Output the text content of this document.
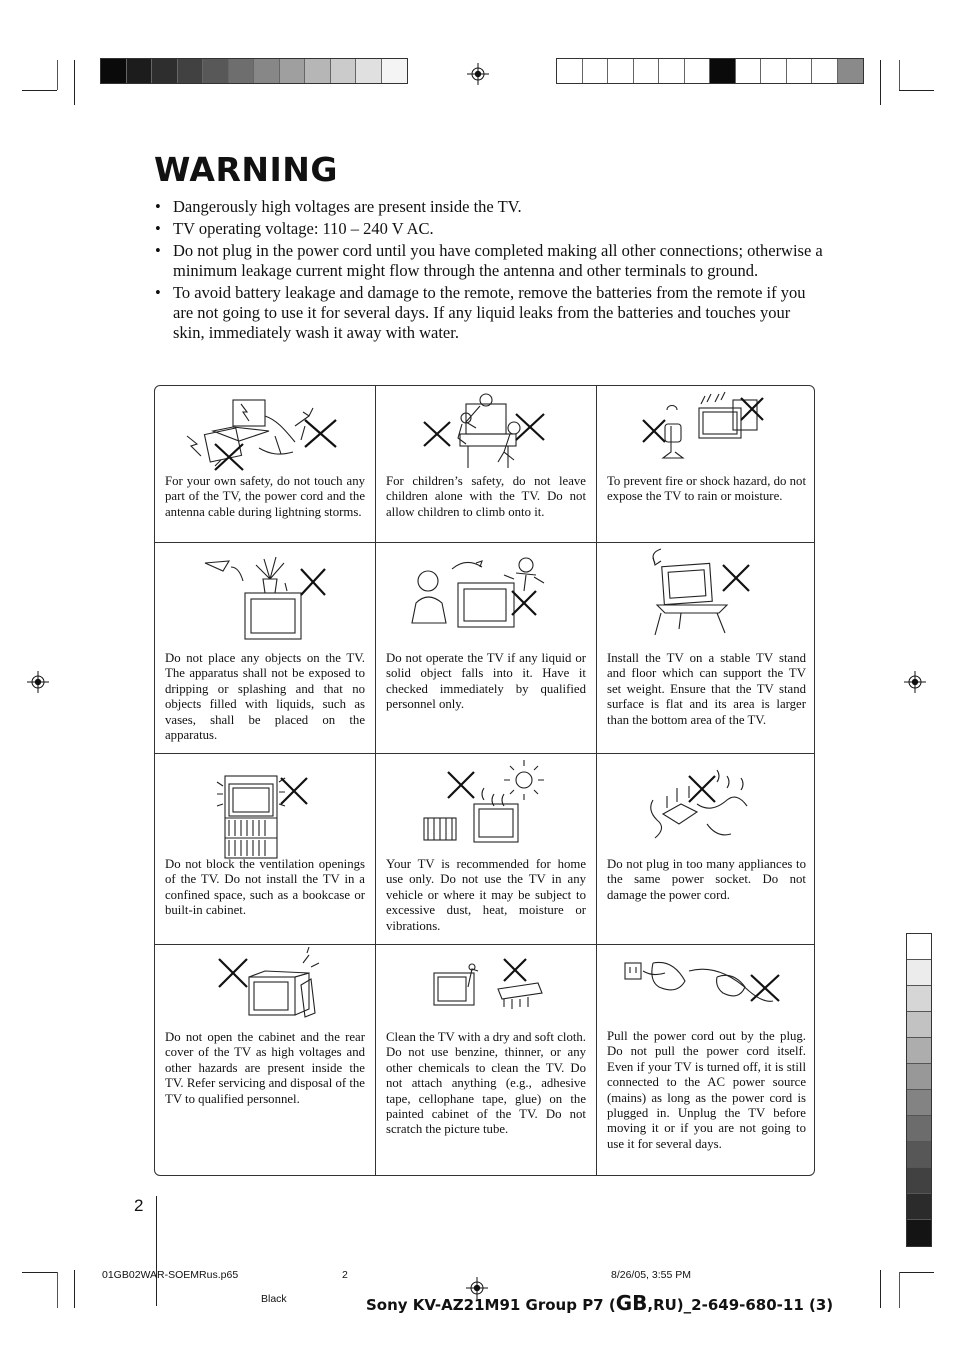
WARNING
• Dangerously high voltages are present inside the TV.
• TV operating voltage: 110 – 240 V AC.
• Do not plug in the power cord until you have completed making all other connections; otherwise a minimum leakage current might flow through the antenna and other terminals to ground.
• To avoid battery leakage and damage to the remote, remove the batteries from the remote if you are not going to use it for several days. If any liquid leaks from the batteries and touches your skin, immediately wash it away with water.
For your own safety, do not touch any part of the TV, the power cord and the antenna cable during lightning storms.
For children’s safety, do not leave children alone with the TV. Do not allow children to climb onto it.
To prevent fire or shock hazard, do not expose the TV to rain or moisture.
Do not place any objects on the TV. The apparatus shall not be exposed to dripping or splashing and that no objects filled with liquids, such as vases, shall be placed on the apparatus.
Do not operate the TV if any liquid or solid object falls into it. Have it checked immediately by qualified personnel only.
Install the TV on a stable TV stand and floor which can support the TV set weight. Ensure that the TV stand surface is flat and its area is larger than the bottom area of the TV.
Do not block the ventilation openings of the TV. Do not install the TV in a confined space, such as a bookcase or built-in cabinet.
Your TV is recommended for home use only. Do not use the TV in any vehicle or where it may be subject to excessive dust, heat, moisture or vibrations.
Do not plug in too many appliances to the same power socket. Do not damage the power cord.
Do not open the cabinet and the rear cover of the TV as high voltages and other hazards are present inside the TV. Refer servicing and disposal of the TV to qualified personnel.
Clean the TV with a dry and soft cloth. Do not use benzine, thinner, or any other chemicals to clean the TV. Do not attach anything (e.g., adhesive tape, cellophane tape, glue) on the painted cabinet of the TV. Do not scratch the picture tube.
Pull the power cord out by the plug. Do not pull the power cord itself. Even if your TV is turned off, it is still connected to the AC power source (mains) as long as the power cord is plugged in. Unplug the TV before moving it or if you are not going to use it for several days.
2
01GB02WAR-SOEMRus.p65	2	8/26/05, 3:55 PM
Black	Sony KV-AZ21M91 Group P7 (GB,RU)_2-649-680-11 (3)
